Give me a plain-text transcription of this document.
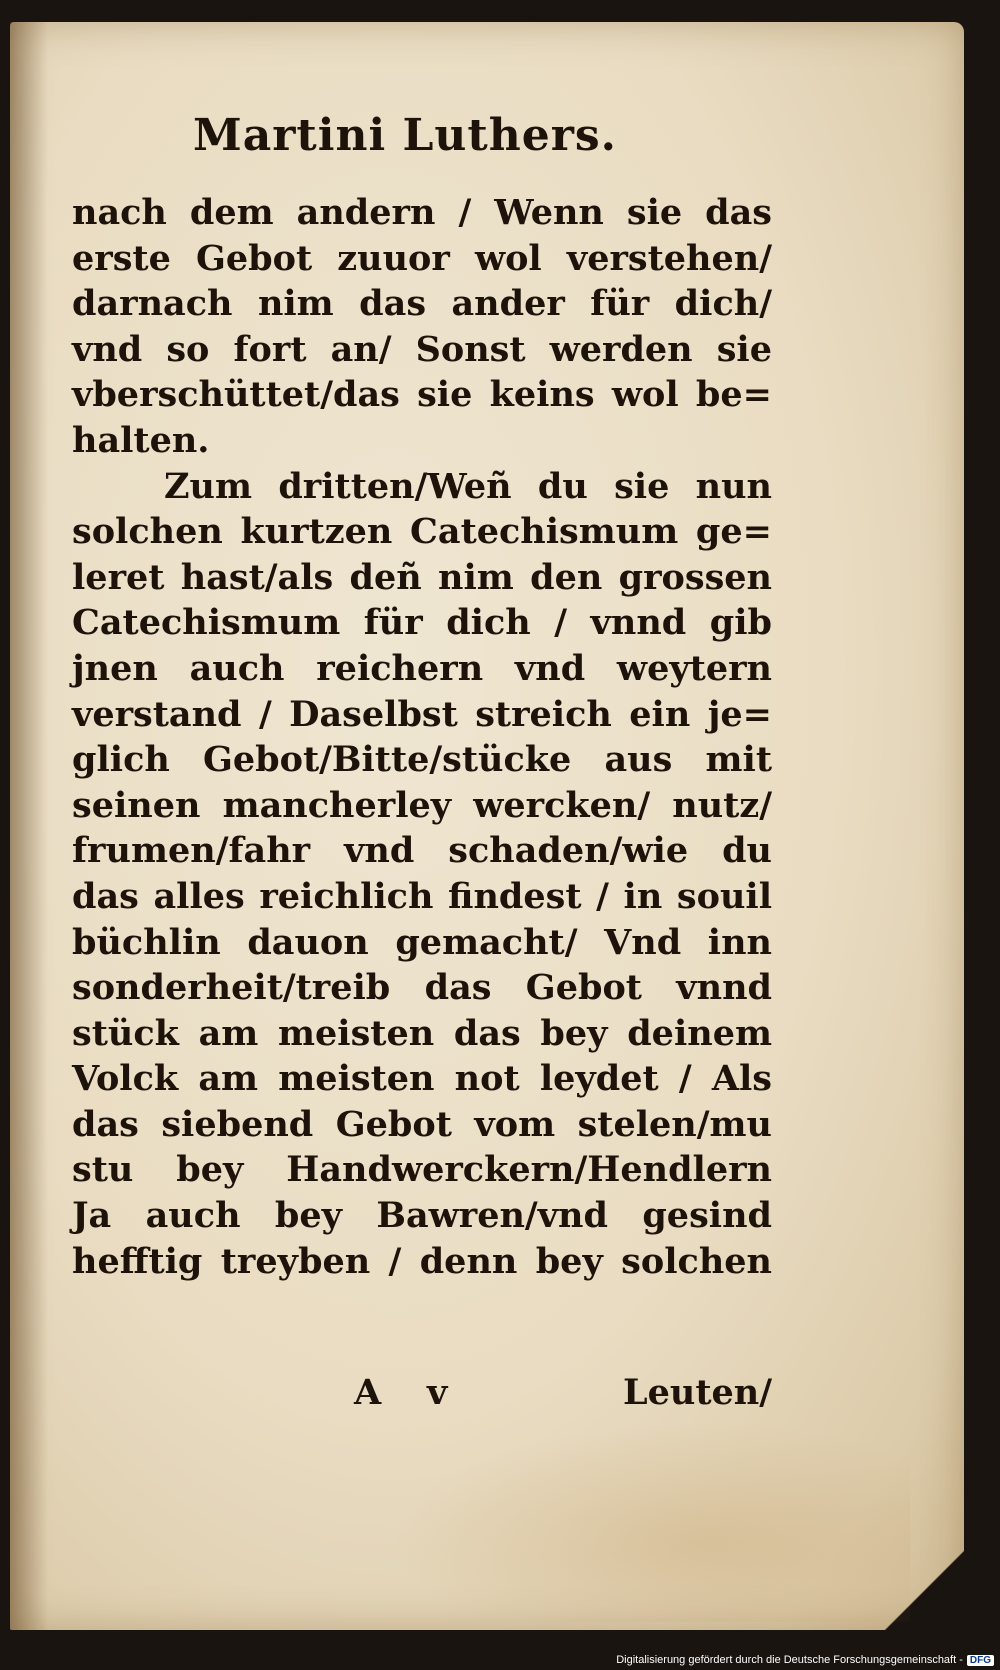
Martini Luthers.
nach dem andern / Wenn sie das
erste Gebot zuuor wol verstehen/
darnach nim das ander für dich/
vnd so fort an/ Sonst werden sie
vberschüttet/das sie keins wol be=
halten.
Zum dritten/Weñ du sie nun
solchen kurtzen Catechismum ge=
leret hast/als deñ nim den grossen
Catechismum für dich / vnnd gib
jnen auch reichern vnd weytern
verstand / Daselbst streich ein je=
glich Gebot/Bitte/stücke aus mit
seinen mancherley wercken/ nutz/
frumen/fahr vnd schaden/wie du
das alles reichlich findest / in souil
büchlin dauon gemacht/ Vnd inn
sonderheit/treib das Gebot vnnd
stück am meisten das bey deinem
Volck am meisten not leydet / Als
das siebend Gebot vom stelen/mu
stu bey Handwerckern/Hendlern
Ja auch bey Bawren/vnd gesind
hefftig treyben / denn bey solchen
A v	Leuten/
Digitalisierung gefördert durch die Deutsche Forschungsgemeinschaft - DFG
